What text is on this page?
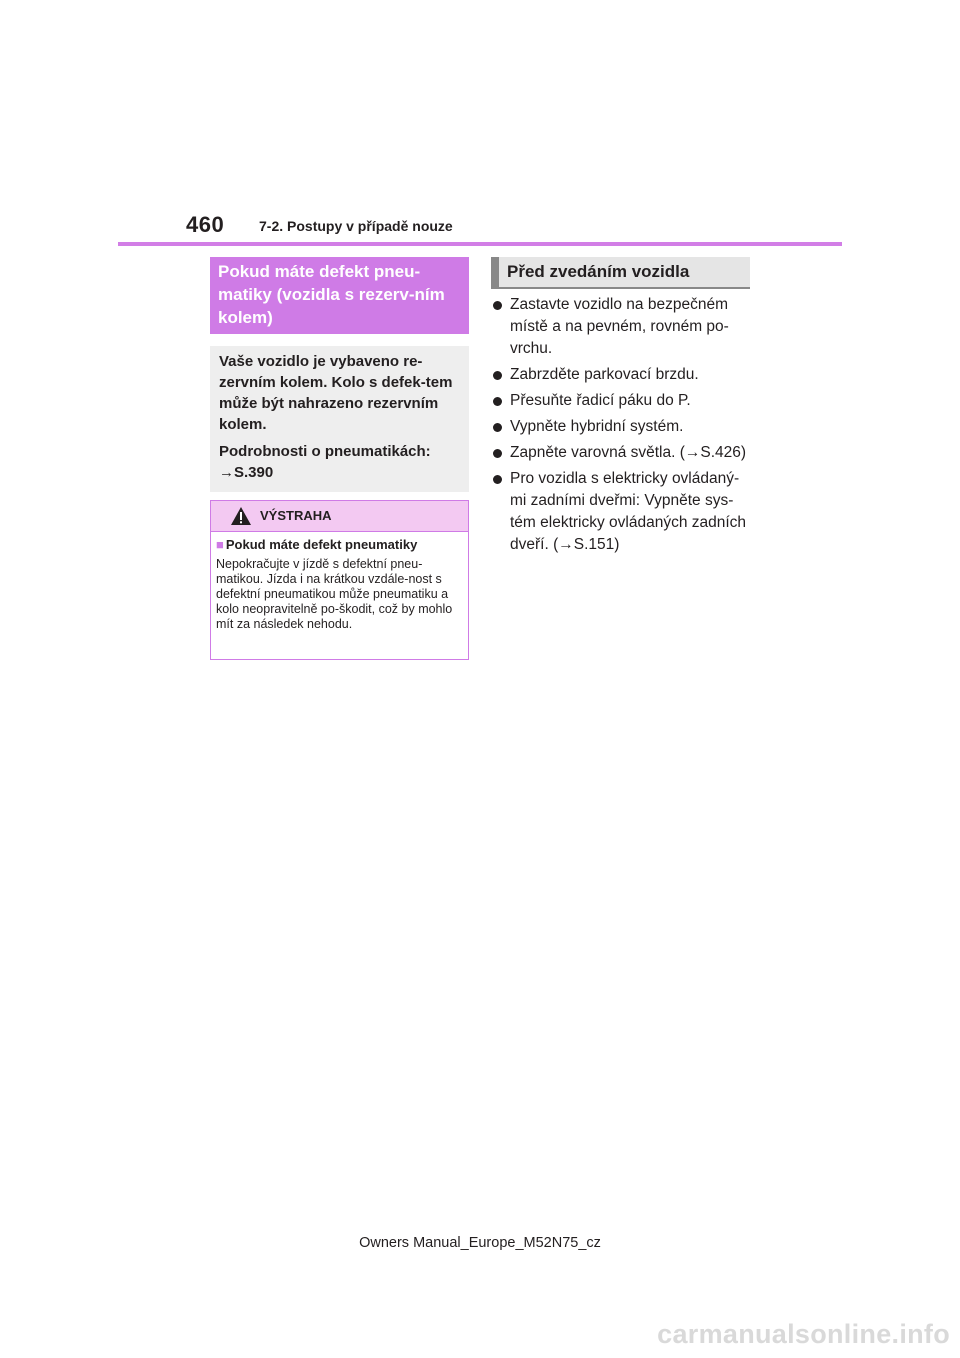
460 7-2. Postupy v případě nouze
Pokud máte defekt pneu-matiky (vozidla s rezerv-ním kolem)

Vaše vozidlo je vybaveno re-zervním kolem. Kolo s defek-tem může být nahrazeno rezervním kolem.

Podrobnosti o pneumatikách:

→S.390
VÝSTRAHA
■ Pokud máte defekt pneumatiky
Nepokračujte v jízdě s defektní pneu-matikou. Jízda i na krátkou vzdále-nost s defektní pneumatikou může pneumatiku a kolo neopravitelně po-škodit, což by mohlo mít za následek nehodu.
Před zvedáním vozidla
Zastavte vozidlo na bezpečném místě a na pevném, rovném po-vrchu.
Zabrzděte parkovací brzdu.
Přesuňte řadicí páku do P.
Vypněte hybridní systém.
Zapněte varovná světla. (→S.426)
Pro vozidla s elektricky ovládaný-mi zadními dveřmi: Vypněte sys-tém elektricky ovládaných zadních dveří. (→S.151)
Owners Manual_Europe_M52N75_cz
carmanualsonline.info
